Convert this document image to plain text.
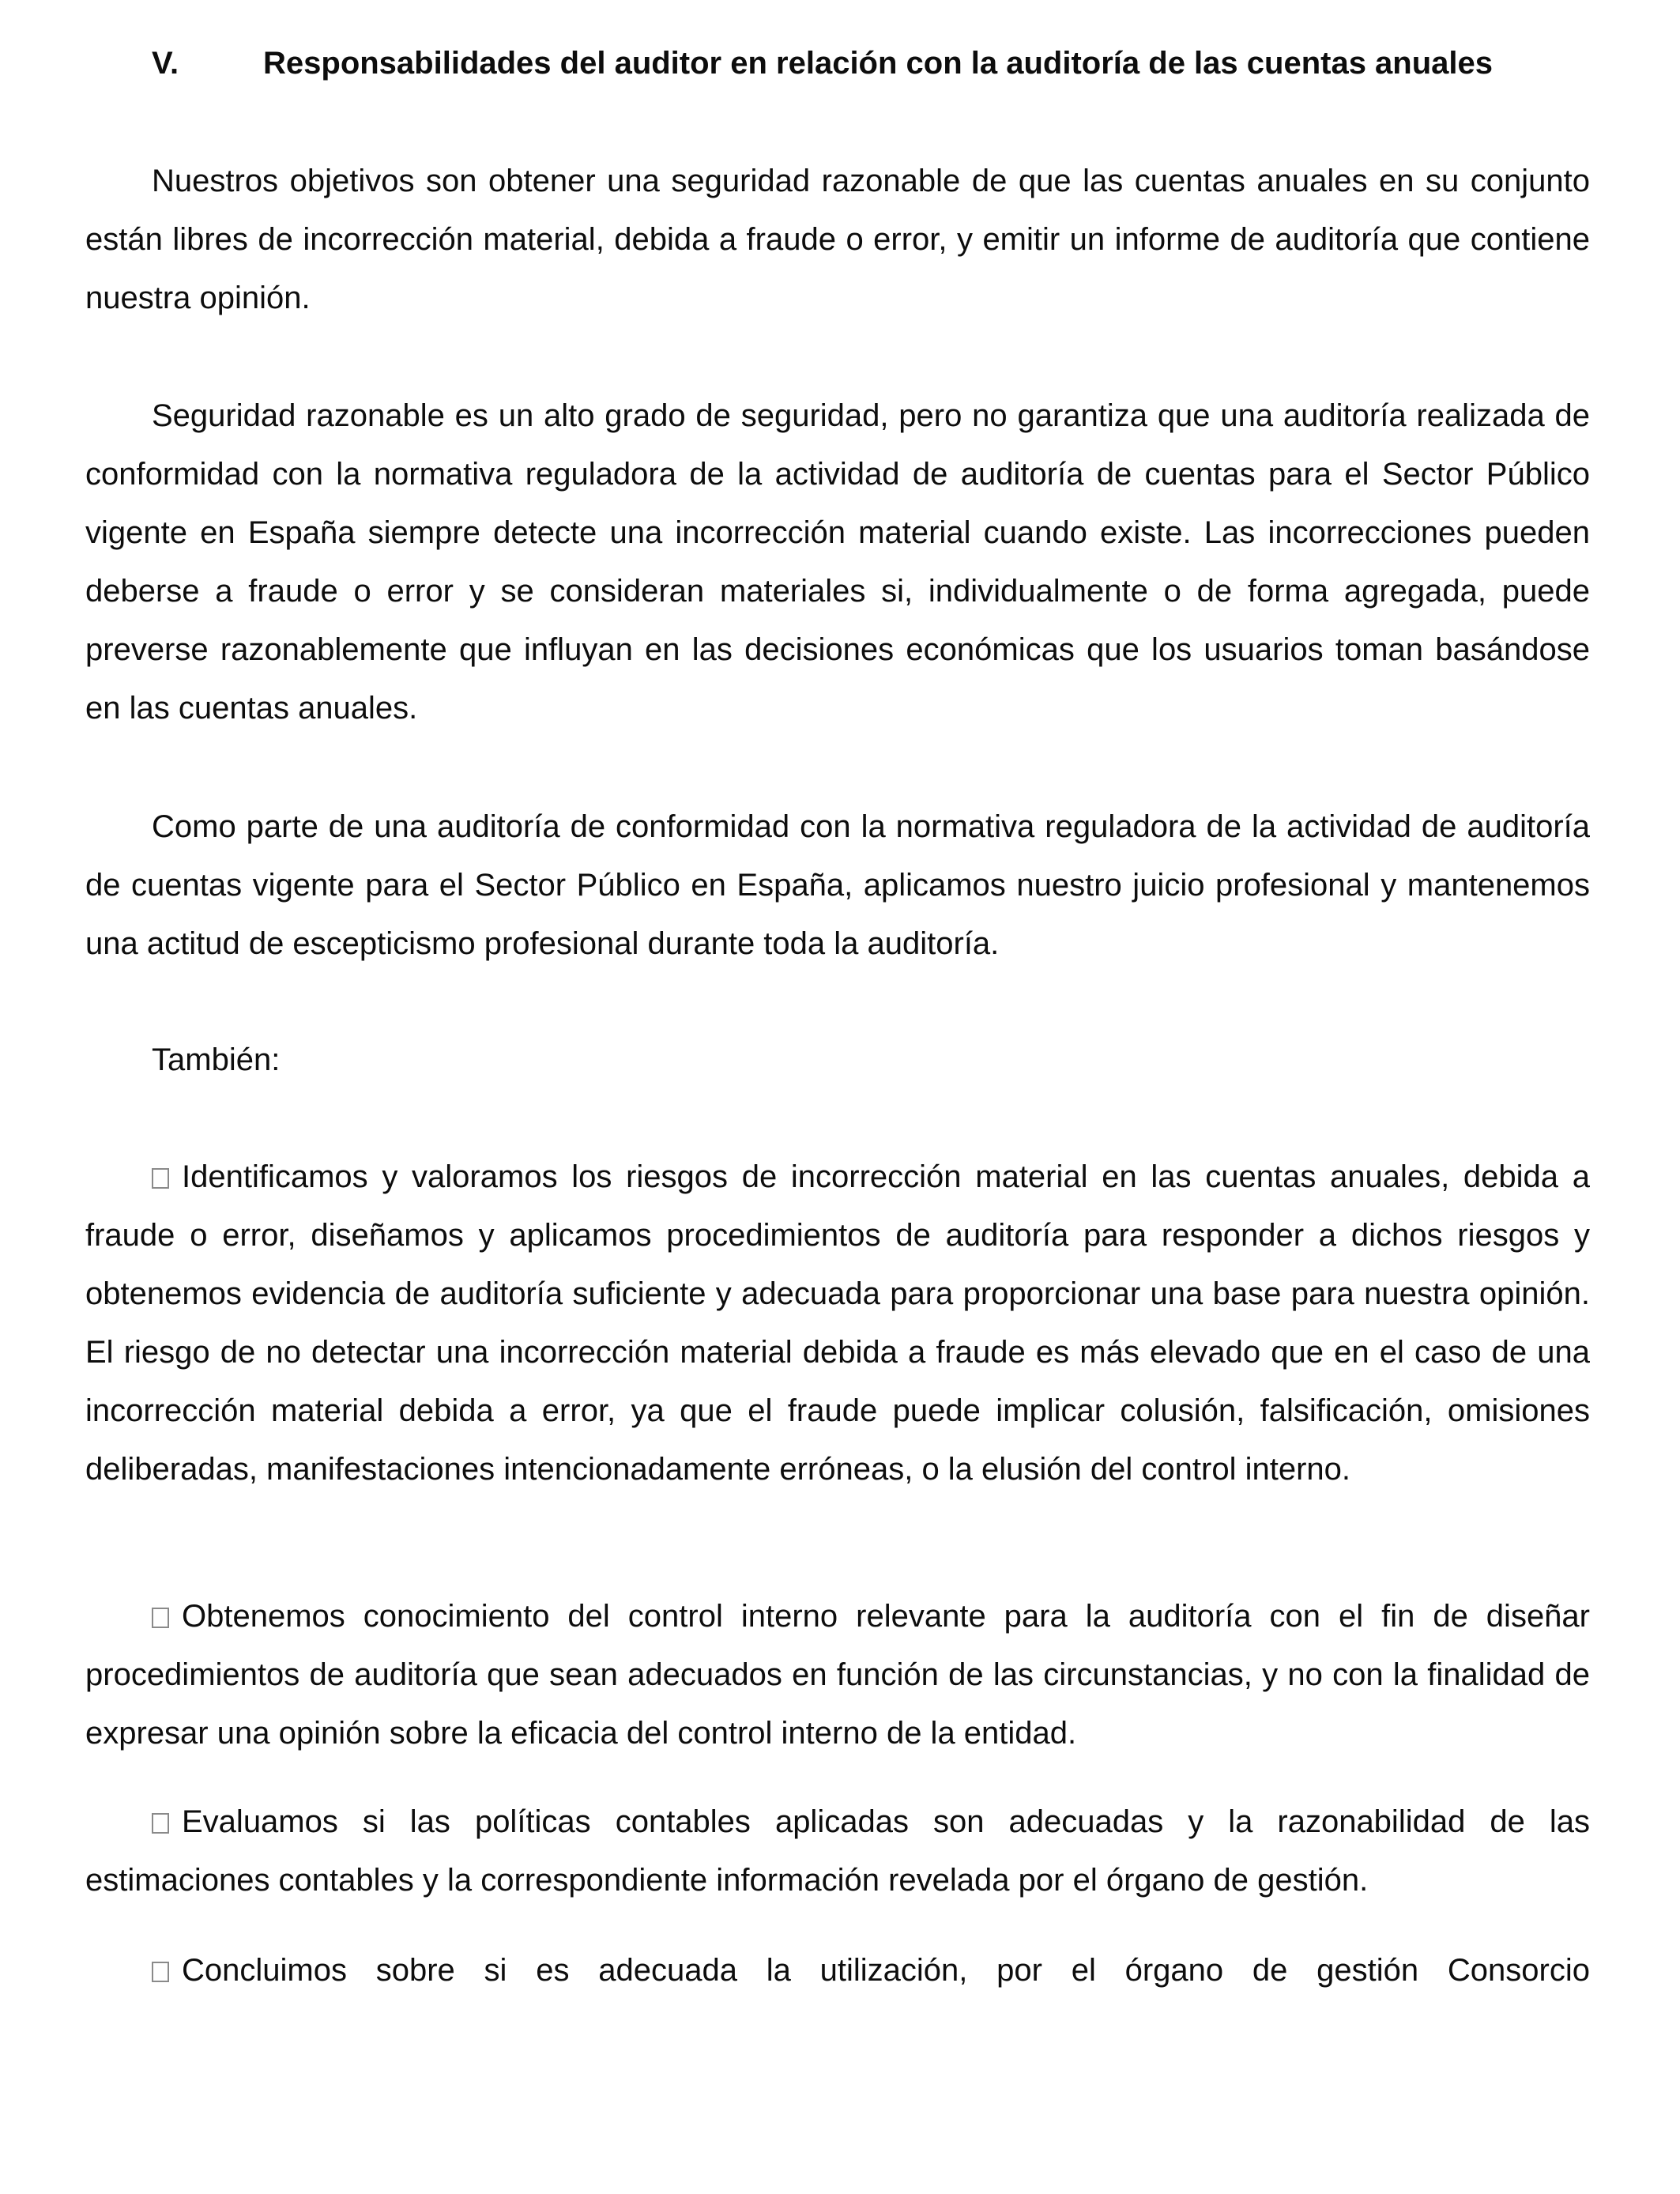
V.	Responsabilidades del auditor en relación con la auditoría de las cuentas anuales

Nuestros objetivos son obtener una seguridad razonable de que las cuentas anuales en su conjunto están libres de incorrección material, debida a fraude o error, y emitir un informe de auditoría que contiene nuestra opinión.

Seguridad razonable es un alto grado de seguridad, pero no garantiza que una auditoría realizada de conformidad con la normativa reguladora de la actividad de auditoría de cuentas para el Sector Público vigente en España siempre detecte una incorrección material cuando existe. Las incorrecciones pueden deberse a fraude o error y se consideran materiales si, individualmente o de forma agregada, puede preverse razonablemente que influyan en las decisiones económicas que los usuarios toman basándose en las cuentas anuales.

Como parte de una auditoría de conformidad con la normativa reguladora de la actividad de auditoría de cuentas vigente para el Sector Público en España, aplicamos nuestro juicio profesional y mantenemos una actitud de escepticismo profesional durante toda la auditoría.

También:

Identificamos y valoramos los riesgos de incorrección material en las cuentas anuales, debida a fraude o error, diseñamos y aplicamos procedimientos de auditoría para responder a dichos riesgos y obtenemos evidencia de auditoría suficiente y adecuada para proporcionar una base para nuestra opinión. El riesgo de no detectar una incorrección material debida a fraude es más elevado que en el caso de una incorrección material debida a error, ya que el fraude puede implicar colusión, falsificación, omisiones deliberadas, manifestaciones intencionadamente erróneas, o la elusión del control interno.

Obtenemos conocimiento del control interno relevante para la auditoría con el fin de diseñar procedimientos de auditoría que sean adecuados en función de las circunstancias, y no con la finalidad de expresar una opinión sobre la eficacia del control interno de la entidad.

Evaluamos si las políticas contables aplicadas son adecuadas y la razonabilidad de las estimaciones contables y la correspondiente información revelada por el órgano de gestión.

Concluimos sobre si es adecuada la utilización, por el órgano de gestión Consorcio
